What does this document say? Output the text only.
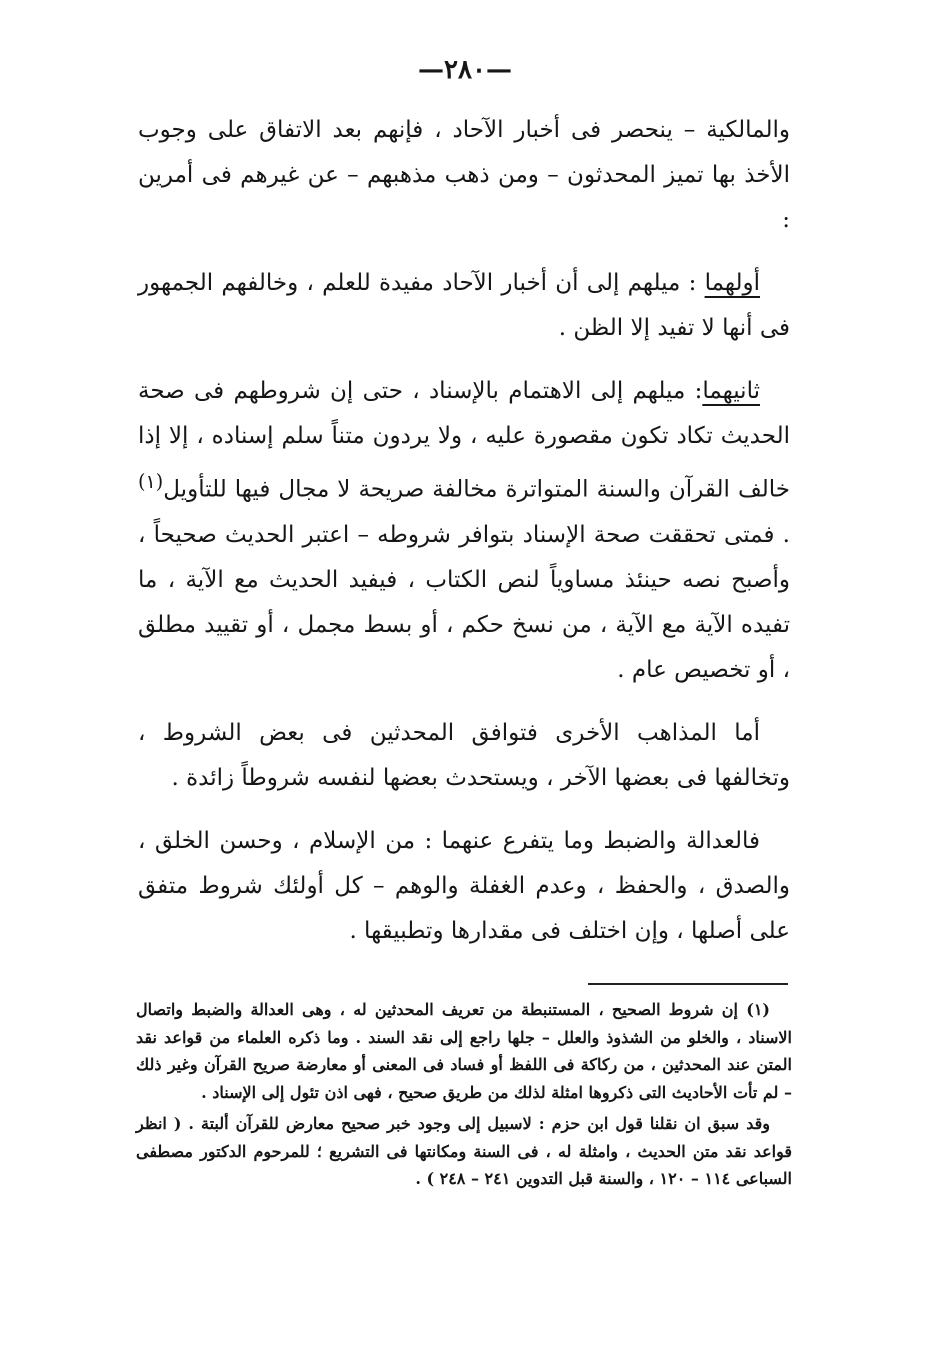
—٢٨٠—

والمالكية – ينحصر فى أخبار الآحاد ، فإنهم بعد الاتفاق على وجوب الأخذ بها تميز المحدثون – ومن ذهب مذهبهم – عن غيرهم فى أمرين :

أولهما : ميلهم إلى أن أخبار الآحاد مفيدة للعلم ، وخالفهم الجمهور فى أنها لا تفيد إلا الظن .

ثانيهما: ميلهم إلى الاهتمام بالإسناد ، حتى إن شروطهم فى صحة الحديث تكاد تكون مقصورة عليه ، ولا يردون متناً سلم إسناده ، إلا إذا خالف القرآن والسنة المتواترة مخالفة صريحة لا مجال فيها للتأويل$^{(١)}$ . فمتى تحققت صحة الإسناد بتوافر شروطه – اعتبر الحديث صحيحاً ، وأصبح نصه حينئذ مساوياً لنص الكتاب ، فيفيد الحديث مع الآية ، ما تفيده الآية مع الآية ، من نسخ حكم ، أو بسط مجمل ، أو تقييد مطلق ، أو تخصيص عام .

أما المذاهب الأخرى فتوافق المحدثين فى بعض الشروط ، وتخالفها فى بعضها الآخر ، ويستحدث بعضها لنفسه شروطاً زائدة .

فالعدالة والضبط وما يتفرع عنهما : من الإسلام ، وحسن الخلق ، والصدق ، والحفظ ، وعدم الغفلة والوهم – كل أولئك شروط متفق على أصلها ، وإن اختلف فى مقدارها وتطبيقها .

(١) إن شروط الصحيح ، المستنبطة من تعريف المحدثين له ، وهى العدالة والضبط واتصال الاسناد ، والخلو من الشذوذ والعلل – جلها راجع إلى نقد السند . وما ذكره العلماء من قواعد نقد المتن عند المحدثين ، من ركاكة فى اللفظ أو فساد فى المعنى أو معارضة صريح القرآن وغير ذلك – لم تأت الأحاديث التى ذكروها امثلة لذلك من طريق صحيح ، فهى اذن تئول إلى الإسناد .

وقد سبق ان نقلنا قول ابن حزم : لاسبيل إلى وجود خبر صحيح معارض للقرآن ألبتة . ( انظر قواعد نقد متن الحديث ، وامثلة له ، فى السنة ومكانتها فى التشريع ؛ للمرحوم الدكتور مصطفى السباعى ١١٤ – ١٢٠ ، والسنة قبل التدوين ٢٤١ – ٢٤٨ ) .
